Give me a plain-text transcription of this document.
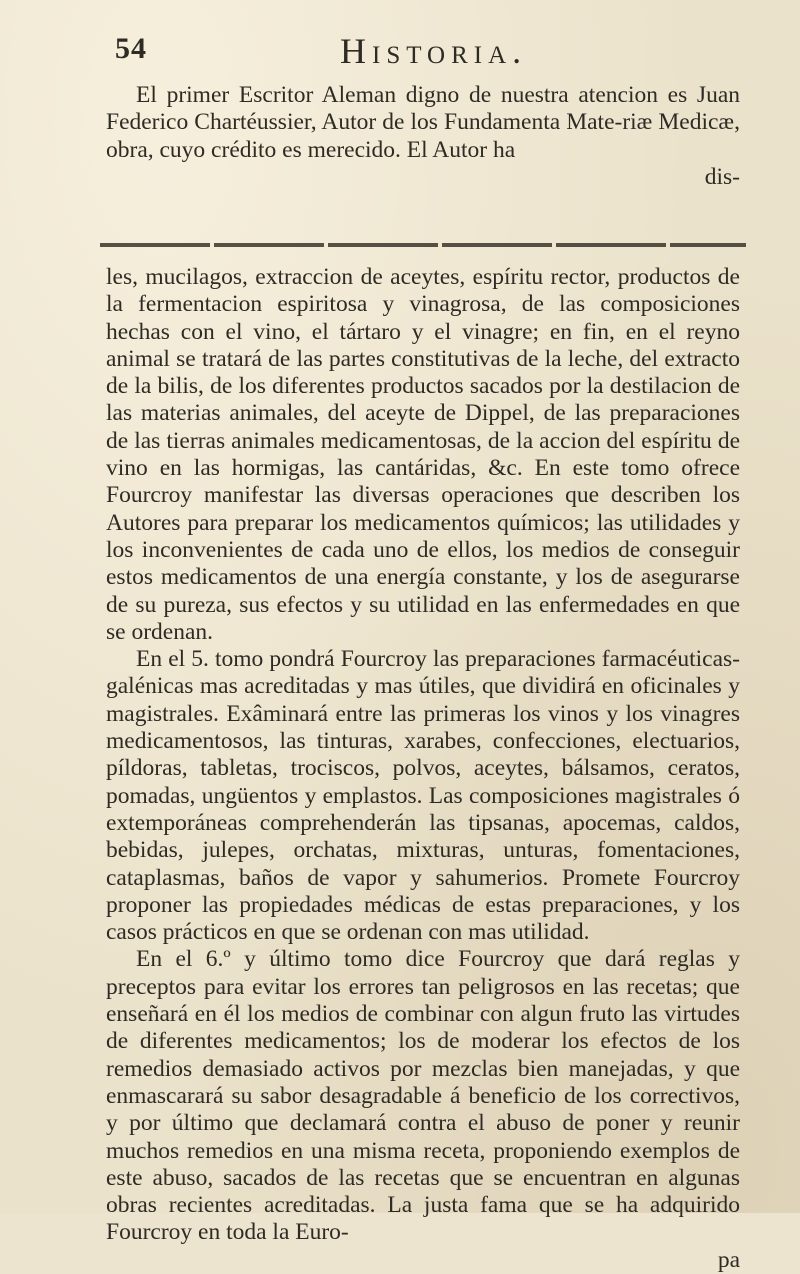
54	Historia.

El primer Escritor Aleman digno de nuestra atencion es Juan Federico Chartéussier, Autor de los Fundamenta Mate-riæ Medicæ, obra, cuyo crédito es merecido. El Autor ha

dis-

les, mucilagos, extraccion de aceytes, espíritu rector, productos de la fermentacion espiritosa y vinagrosa, de las composiciones hechas con el vino, el tártaro y el vinagre; en fin, en el reyno animal se tratará de las partes constitutivas de la leche, del extracto de la bilis, de los diferentes productos sacados por la destilacion de las materias animales, del aceyte de Dippel, de las preparaciones de las tierras animales medicamentosas, de la accion del espíritu de vino en las hormigas, las cantáridas, &c. En este tomo ofrece Fourcroy manifestar las diversas operaciones que describen los Autores para preparar los medicamentos químicos; las utilidades y los inconvenientes de cada uno de ellos, los medios de conseguir estos medicamentos de una energía constante, y los de asegurarse de su pureza, sus efectos y su utilidad en las enfermedades en que se ordenan.

En el 5. tomo pondrá Fourcroy las preparaciones farmacéuticas-galénicas mas acreditadas y mas útiles, que dividirá en oficinales y magistrales. Exâminará entre las primeras los vinos y los vinagres medicamentosos, las tinturas, xarabes, confecciones, electuarios, píldoras, tabletas, trociscos, polvos, aceytes, bálsamos, ceratos, pomadas, ungüentos y emplastos. Las composiciones magistrales ó extemporáneas comprehenderán las tipsanas, apocemas, caldos, bebidas, julepes, orchatas, mixturas, unturas, fomentaciones, cataplasmas, baños de vapor y sahumerios. Promete Fourcroy proponer las propiedades médicas de estas preparaciones, y los casos prácticos en que se ordenan con mas utilidad.

En el 6.º y último tomo dice Fourcroy que dará reglas y preceptos para evitar los errores tan peligrosos en las recetas; que enseñará en él los medios de combinar con algun fruto las virtudes de diferentes medicamentos; los de moderar los efectos de los remedios demasiado activos por mezclas bien manejadas, y que enmascarará su sabor desagradable á beneficio de los correctivos, y por último que declamará contra el abuso de poner y reunir muchos remedios en una misma receta, proponiendo exemplos de este abuso, sacados de las recetas que se encuentran en algunas obras recientes acreditadas. La justa fama que se ha adquirido Fourcroy en toda la Euro-

pa
